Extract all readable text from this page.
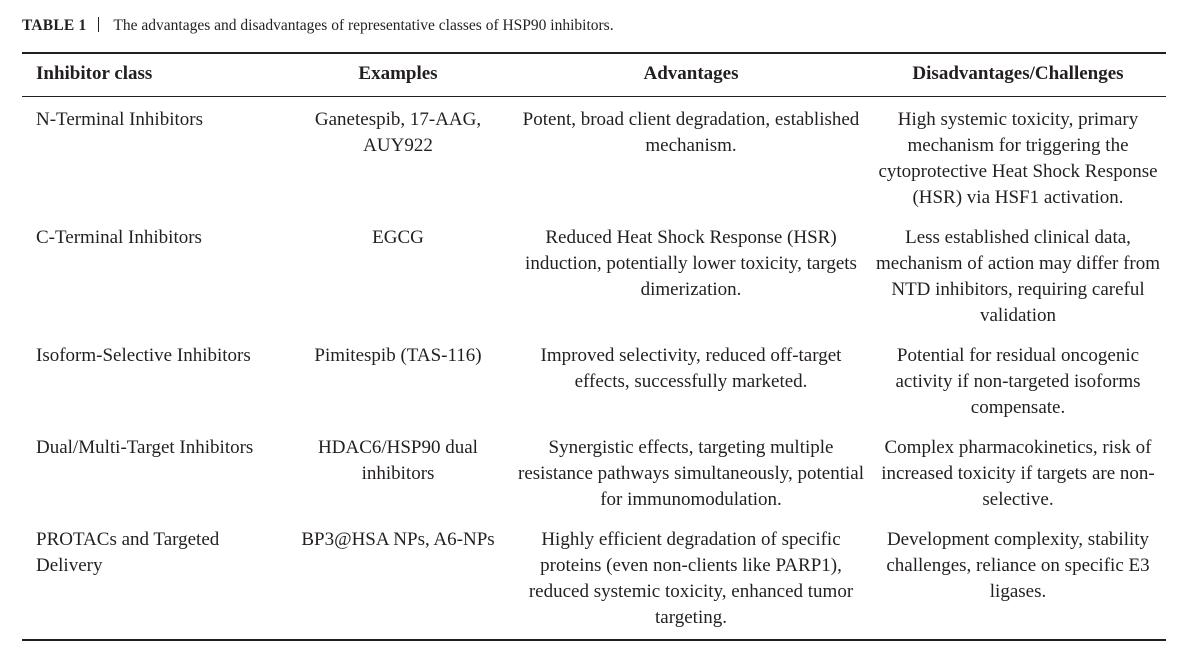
TABLE 1 The advantages and disadvantages of representative classes of HSP90 inhibitors.
Inhibitor class	Examples	Advantages	Disadvantages/Challenges
N-Terminal Inhibitors	Ganetespib, 17-AAG, AUY922	Potent, broad client degradation, established mechanism.	High systemic toxicity, primary mechanism for triggering the cytoprotective Heat Shock Response (HSR) via HSF1 activation.
C-Terminal Inhibitors	EGCG	Reduced Heat Shock Response (HSR) induction, potentially lower toxicity, targets dimerization.	Less established clinical data, mechanism of action may differ from NTD inhibitors, requiring careful validation
Isoform-Selective Inhibitors	Pimitespib (TAS-116)	Improved selectivity, reduced off-target effects, successfully marketed.	Potential for residual oncogenic activity if non-targeted isoforms compensate.
Dual/Multi-Target Inhibitors	HDAC6/HSP90 dual inhibitors	Synergistic effects, targeting multiple resistance pathways simultaneously, potential for immunomodulation.	Complex pharmacokinetics, risk of increased toxicity if targets are non-selective.
PROTACs and Targeted Delivery	BP3@HSA NPs, A6-NPs	Highly efficient degradation of specific proteins (even non-clients like PARP1), reduced systemic toxicity, enhanced tumor targeting.	Development complexity, stability challenges, reliance on specific E3 ligases.
